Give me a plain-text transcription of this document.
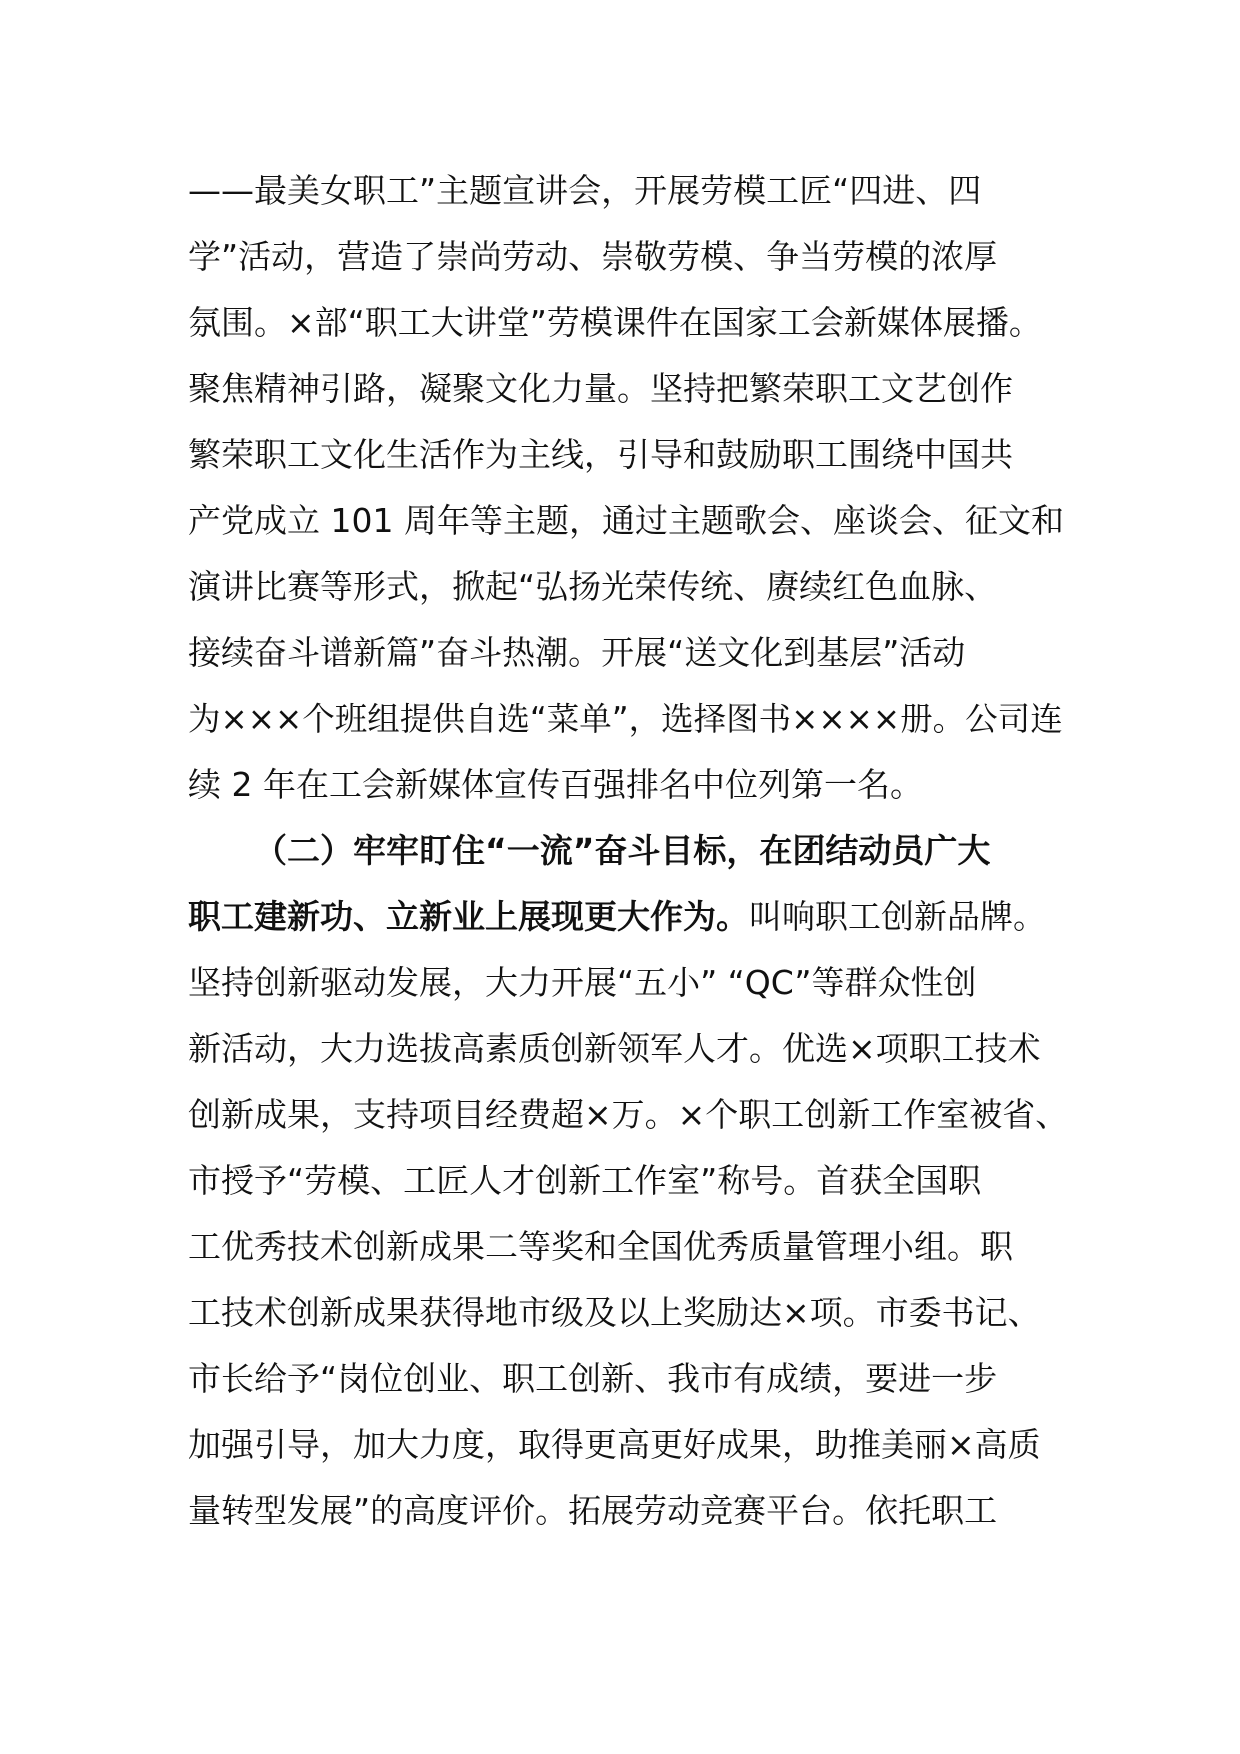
——最美女职工”主题宣讲会，开展劳模工匠“四进、四
学”活动，营造了崇尚劳动、崇敬劳模、争当劳模的浓厚
氛围。×部“职工大讲堂”劳模课件在国家工会新媒体展播。
聚焦精神引路，凝聚文化力量。坚持把繁荣职工文艺创作
繁荣职工文化生活作为主线，引导和鼓励职工围绕中国共
产党成立 101 周年等主题，通过主题歌会、座谈会、征文和
演讲比赛等形式，掀起“弘扬光荣传统、赓续红色血脉、
接续奋斗谱新篇”奋斗热潮。开展“送文化到基层”活动
为×××个班组提供自选“菜单”，选择图书××××册。公司连
续 2 年在工会新媒体宣传百强排名中位列第一名。
（二）牢牢盯住“一流”奋斗目标，在团结动员广大
职工建新功、立新业上展现更大作为。叫响职工创新品牌。
坚持创新驱动发展，大力开展“五小” “QC”等群众性创
新活动，大力选拔高素质创新领军人才。优选×项职工技术
创新成果，支持项目经费超×万。×个职工创新工作室被省、
市授予“劳模、工匠人才创新工作室”称号。首获全国职
工优秀技术创新成果二等奖和全国优秀质量管理小组。职
工技术创新成果获得地市级及以上奖励达×项。市委书记、
市长给予“岗位创业、职工创新、我市有成绩，要进一步
加强引导，加大力度，取得更高更好成果，助推美丽×高质
量转型发展”的高度评价。拓展劳动竞赛平台。依托职工
